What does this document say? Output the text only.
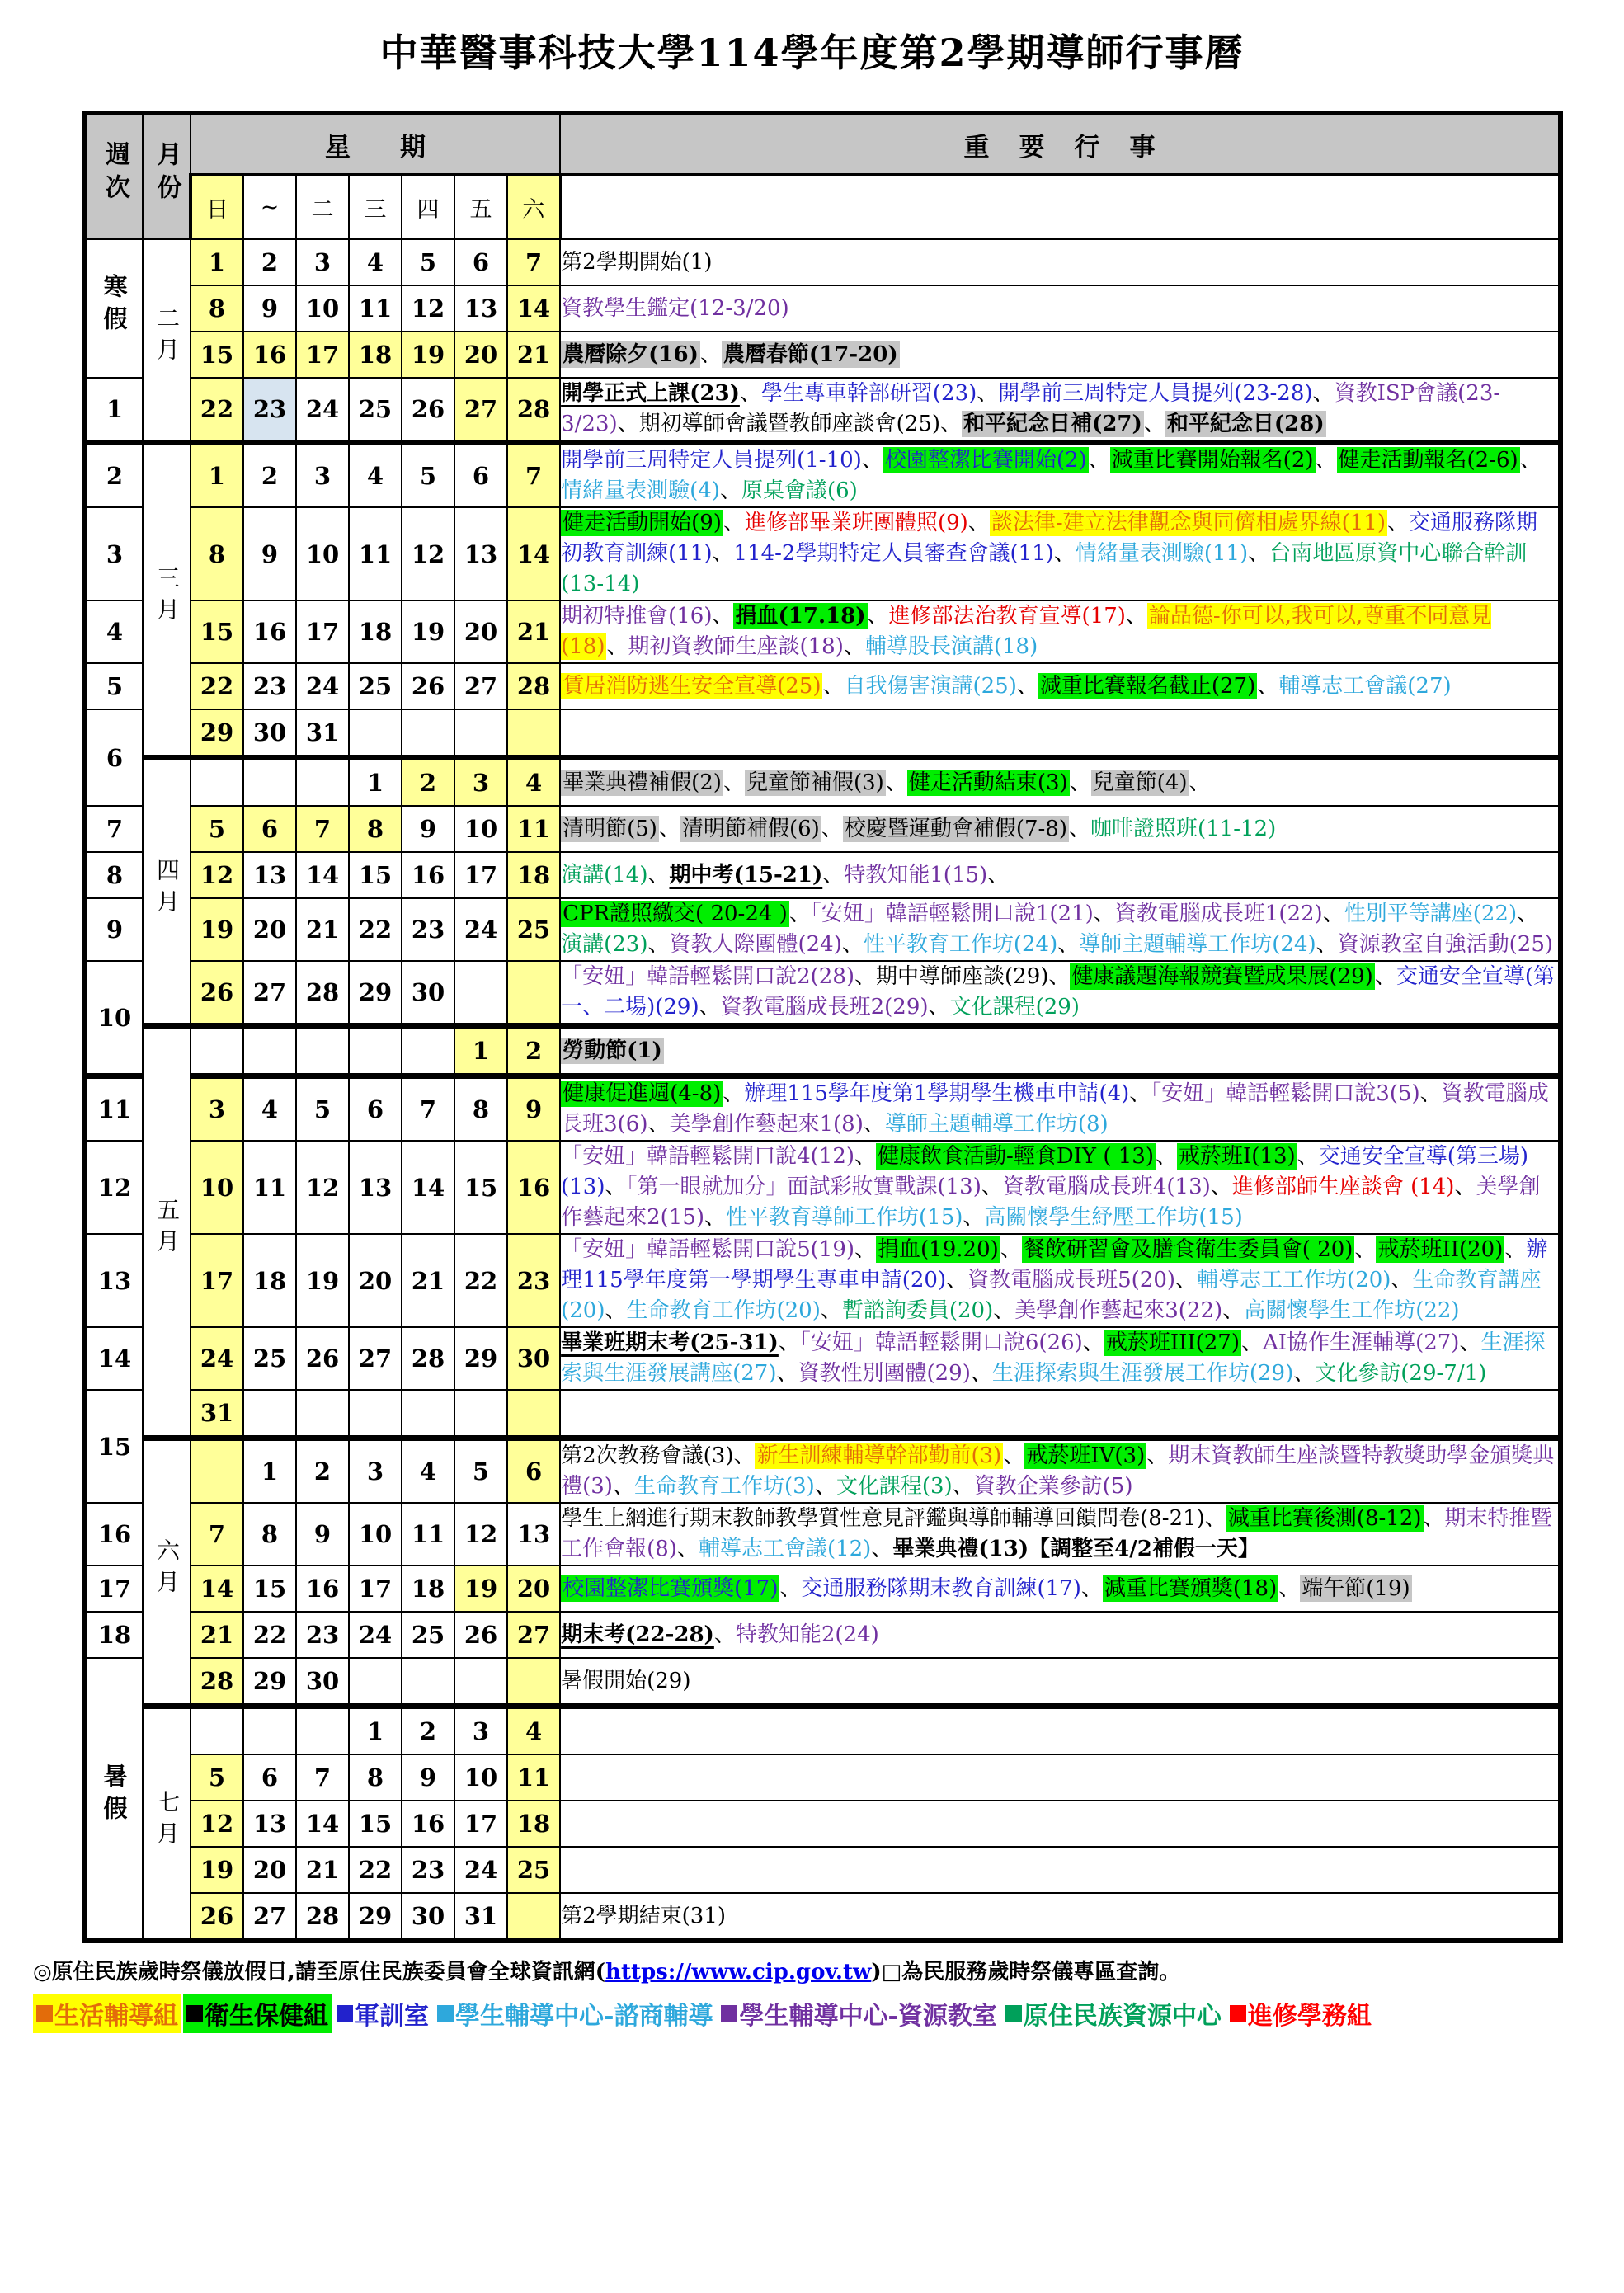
中華醫事科技大學114學年度第2學期導師行事曆
週次	月份	星期							重要行事
		日	~	二	三	四	五	六	
寒假	二月	1	2	3	4	5	6	7	第2學期開始(1)
		8	9	10	11	12	13	14	資教學生鑑定(12-3/20)
		15	16	17	18	19	20	21	農曆除夕(16)、農曆春節(17-20)
1		22	23	24	25	26	27	28	開學正式上課(23)、學生專車幹部研習(23)、開學前三周特定人員提列(23-28)、資教ISP會議(23-3/23)、期初導師會議暨教師座談會(25)、和平紀念日補(27)、和平紀念日(28)
2	三月	1	2	3	4	5	6	7	開學前三周特定人員提列(1-10)、校園整潔比賽開始(2)、減重比賽開始報名(2)、健走活動報名(2-6)、情緒量表測驗(4)、原桌會議(6)
3		8	9	10	11	12	13	14	健走活動開始(9)、進修部畢業班團體照(9)、談法律-建立法律觀念與同儕相處界線(11)、交通服務隊期初教育訓練(11)、114-2學期特定人員審查會議(11)、情緒量表測驗(11)、台南地區原資中心聯合幹訓(13-14)
4		15	16	17	18	19	20	21	期初特推會(16)、捐血(17.18)、進修部法治教育宣導(17)、論品德-你可以,我可以,尊重不同意見(18)、期初資教師生座談(18)、輔導股長演講(18)
5		22	23	24	25	26	27	28	賃居消防逃生安全宣導(25)、自我傷害演講(25)、減重比賽報名截止(27)、輔導志工會議(27)
6		29	30	31					
	四月				1	2	3	4	畢業典禮補假(2)、兒童節補假(3)、健走活動結束(3)、兒童節(4)、
7		5	6	7	8	9	10	11	清明節(5)、清明節補假(6)、校慶暨運動會補假(7-8)、咖啡證照班(11-12)
8		12	13	14	15	16	17	18	演講(14)、期中考(15-21)、特教知能1(15)、
9		19	20	21	22	23	24	25	CPR證照繳交( 20-24 )、「安妞」韓語輕鬆開口說1(21)、資教電腦成長班1(22)、性別平等講座(22)、演講(23)、資教人際團體(24)、性平教育工作坊(24)、導師主題輔導工作坊(24)、資源教室自強活動(25)
10		26	27	28	29	30			「安妞」韓語輕鬆開口說2(28)、期中導師座談(29)、健康議題海報競賽暨成果展(29)、交通安全宣導(第一、二場)(29)、資教電腦成長班2(29)、文化課程(29)
	五月						1	2	勞動節(1)
11		3	4	5	6	7	8	9	健康促進週(4-8)、辦理115學年度第1學期學生機車申請(4)、「安妞」韓語輕鬆開口說3(5)、資教電腦成長班3(6)、美學創作藝起來1(8)、導師主題輔導工作坊(8)
12		10	11	12	13	14	15	16	「安妞」韓語輕鬆開口說4(12)、健康飲食活動-輕食DIY ( 13)、戒菸班I(13)、交通安全宣導(第三場) (13)、「第一眼就加分」面試彩妝實戰課(13)、資教電腦成長班4(13)、進修部師生座談會 (14)、美學創作藝起來2(15)、性平教育導師工作坊(15)、高關懷學生紓壓工作坊(15)
13		17	18	19	20	21	22	23	「安妞」韓語輕鬆開口說5(19)、捐血(19.20)、餐飲研習會及膳食衛生委員會( 20)、戒菸班II(20)、辦理115學年度第一學期學生專車申請(20)、資教電腦成長班5(20)、輔導志工工作坊(20)、生命教育講座(20)、生命教育工作坊(20)、暫諮詢委員(20)、美學創作藝起來3(22)、高關懷學生工作坊(22)
14		24	25	26	27	28	29	30	畢業班期末考(25-31)、「安妞」韓語輕鬆開口說6(26)、戒菸班III(27)、AI協作生涯輔導(27)、生涯探索與生涯發展講座(27)、資教性別團體(29)、生涯探索與生涯發展工作坊(29)、文化參訪(29-7/1)
15		31							
	六月		1	2	3	4	5	6	第2次教務會議(3)、新生訓練輔導幹部勤前(3)、戒菸班IV(3)、期末資教師生座談暨特教獎助學金頒獎典禮(3)、生命教育工作坊(3)、文化課程(3)、資教企業參訪(5)
16		7	8	9	10	11	12	13	學生上網進行期末教師教學質性意見評鑑與導師輔導回饋問卷(8-21)、減重比賽後測(8-12)、期末特推暨工作會報(8)、輔導志工會議(12)、畢業典禮(13)【調整至4/2補假一天】
17		14	15	16	17	18	19	20	校園整潔比賽頒獎(17)、交通服務隊期末教育訓練(17)、減重比賽頒獎(18)、端午節(19)
18		21	22	23	24	25	26	27	期末考(22-28)、特教知能2(24)
暑假		28	29	30					暑假開始(29)
	七月				1	2	3	4	
		5	6	7	8	9	10	11	
		12	13	14	15	16	17	18	
		19	20	21	22	23	24	25	
		26	27	28	29	30	31		第2學期結束(31)
◎原住民族歲時祭儀放假日,請至原住民族委員會全球資訊網(https://www.cip.gov.tw)□為民服務歲時祭儀專區查詢。
生活輔導組 衛生保健組 軍訓室 學生輔導中心-諮商輔導 學生輔導中心-資源教室 原住民族資源中心 進修學務組
